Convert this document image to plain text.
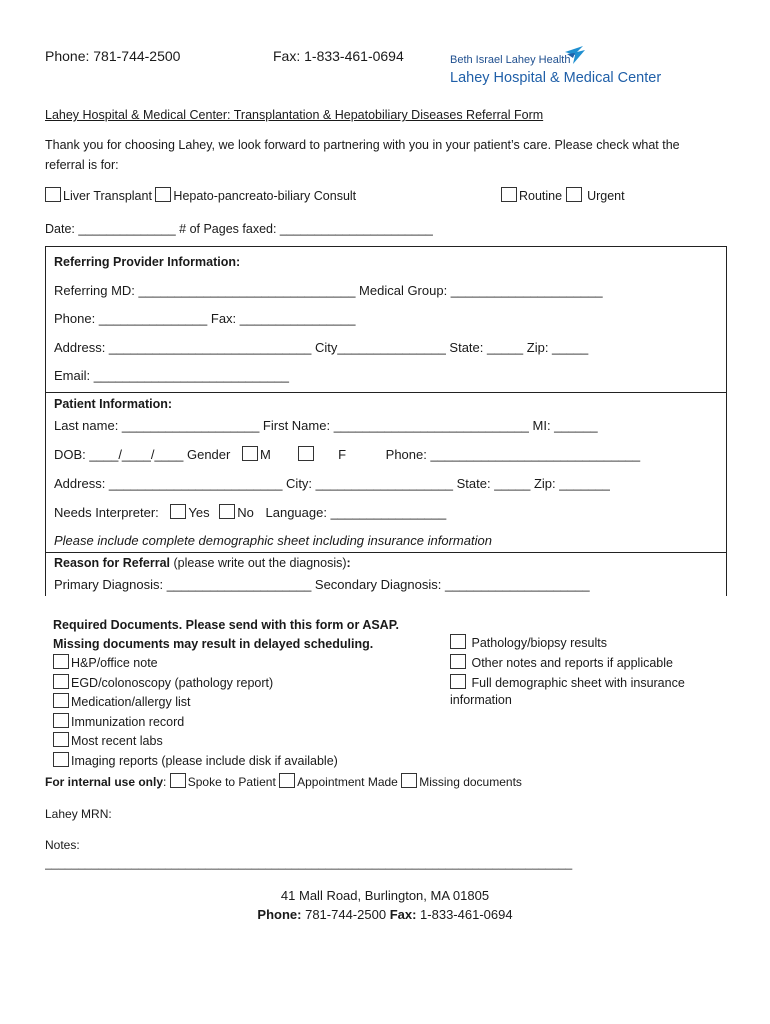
Phone: 781-744-2500	Fax: 1-833-461-0694	Beth Israel Lahey Health
Lahey Hospital & Medical Center
Lahey Hospital & Medical Center: Transplantation & Hepatobiliary Diseases Referral Form
Thank you for choosing Lahey, we look forward to partnering with you in your patient’s care. Please check what the
referral is for:
Liver Transplant Hepato-pancreato-biliary Consult	Routine Urgent
Date: ______________ # of Pages faxed: ______________________
Referring Provider Information:
Referring MD: ______________________________ Medical Group: _____________________
Phone: _______________ Fax: ________________
Address: ____________________________ City_______________ State: _____ Zip: _____
Email: ___________________________
Patient Information:
Last name: ___________________ First Name: ___________________________ MI: ______
DOB: ____/____/____ Gender M	F	Phone: _____________________________
Address: ________________________ City: ___________________ State: _____ Zip: _______
Needs Interpreter: Yes No Language: ________________
Please include complete demographic sheet including insurance information
Reason for Referral (please write out the diagnosis):
Primary Diagnosis: ____________________ Secondary Diagnosis: ____________________
Required Documents. Please send with this form or ASAP.
Missing documents may result in delayed scheduling.
H&P/office note
EGD/colonoscopy (pathology report)
Medication/allergy list
Immunization record
Most recent labs
Imaging reports (please include disk if available)
Pathology/biopsy results
Other notes and reports if applicable
Full demographic sheet with insurance
information
For internal use only: Spoke to Patient Appointment Made Missing documents
Lahey MRN:
Notes:
_______________________________________________________________________________
41 Mall Road, Burlington, MA 01805
Phone: 781-744-2500 Fax: 1-833-461-0694
